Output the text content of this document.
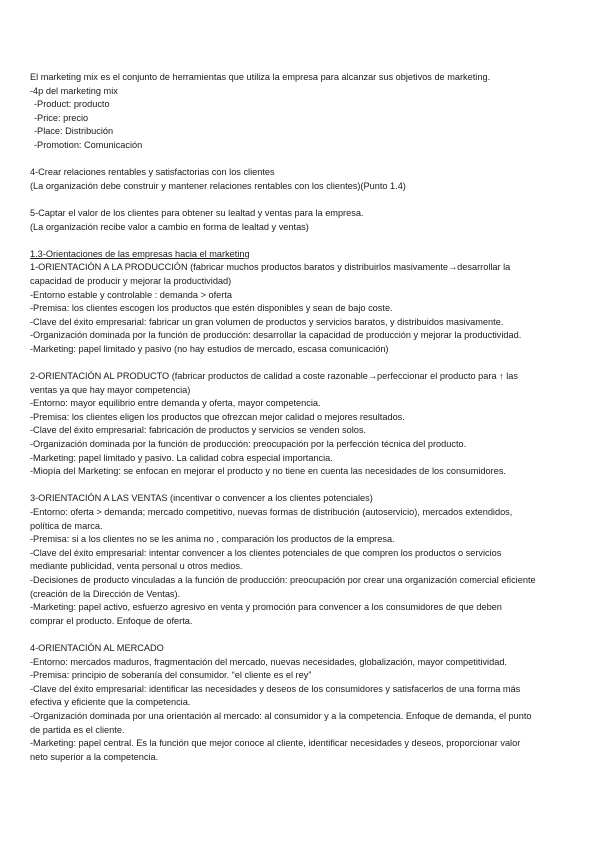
El marketing mix es el conjunto de herramientas que utiliza la empresa para alcanzar sus objetivos de marketing.
-4p del marketing mix
-Product: producto
-Price: precio
-Place: Distribución
-Promotion: Comunicación
4-Crear relaciones rentables y satisfactorias con los clientes
(La organización debe construir y mantener relaciones rentables con los clientes)(Punto 1.4)
5-Captar el valor de los clientes para obtener su lealtad y ventas para la empresa.
(La organización recibe valor a cambio en forma de lealtad y ventas)
1.3-Orientaciones de las empresas hacia el marketing
1-ORIENTACIÓN A LA PRODUCCIÓN (fabricar muchos productos baratos y distribuirlos masivamente→desarrollar la
capacidad de producir y mejorar la productividad)
-Entorno estable y controlable : demanda > oferta
-Premisa: los clientes escogen los productos que estén disponibles y sean de bajo coste.
-Clave del éxito empresarial: fabricar un gran volumen de productos y servicios baratos, y distribuidos masivamente.
-Organización dominada por la función de producción: desarrollar la capacidad de producción y mejorar la productividad.
-Marketing: papel limitado y pasivo (no hay estudios de mercado, escasa comunicación)
2-ORIENTACIÓN AL PRODUCTO (fabricar productos de calidad a coste razonable→perfeccionar el producto para ↑ las
ventas ya que hay mayor competencia)
-Entorno: mayor equilibrio entre demanda y oferta, mayor competencia.
-Premisa: los clientes eligen los productos que ofrezcan mejor calidad o mejores resultados.
-Clave del éxito empresarial: fabricación de productos y servicios se venden solos.
-Organización dominada por la función de producción: preocupación por la perfección técnica del producto.
-Marketing: papel limitado y pasivo. La calidad cobra especial importancia.
-Miopía del Marketing: se enfocan en mejorar el producto y no tiene en cuenta las necesidades de los consumidores.
3-ORIENTACIÓN A LAS VENTAS (incentivar o convencer a los clientes potenciales)
-Entorno: oferta > demanda; mercado competitivo, nuevas formas de distribución (autoservicio), mercados extendidos,
política de marca.
-Premisa: si a los clientes no se les anima no , comparación los productos de la empresa.
-Clave del éxito empresarial: intentar convencer a los clientes potenciales de que compren los productos o servicios
mediante publicidad, venta personal u otros medios.
-Decisiones de producto vinculadas a la función de producción: preocupación por crear una organización comercial eficiente
(creación de la Dirección de Ventas).
-Marketing: papel activo, esfuerzo agresivo en venta y promoción para convencer a los consumidores de que deben
comprar el producto. Enfoque de oferta.
4-ORIENTACIÓN AL MERCADO
-Entorno: mercados maduros, fragmentación del mercado, nuevas necesidades, globalización, mayor competitividad.
-Premisa: principio de soberanía del consumidor. “el cliente es el rey”
-Clave del éxito empresarial: identificar las necesidades y deseos de los consumidores y satisfacerlos de una forma más
efectiva y eficiente que la competencia.
-Organización dominada por una orientación al mercado: al consumidor y a la competencia. Enfoque de demanda, el punto
de partida es el cliente.
-Marketing: papel central. Es la función que mejor conoce al cliente, identificar necesidades y deseos, proporcionar valor
neto superior a la competencia.
